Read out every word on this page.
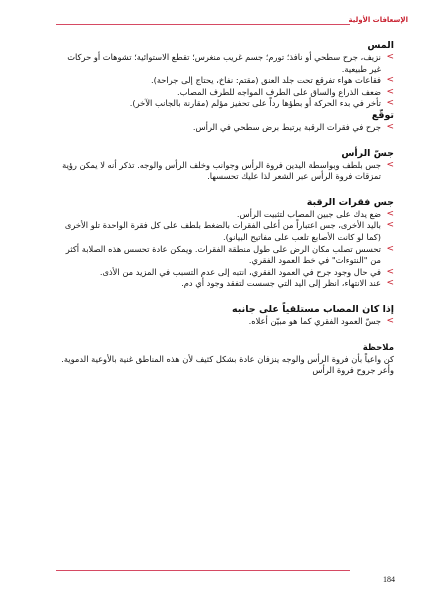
الإسعافات الأولية

المس

>
نزيف، جرح سطحي أو نافذ؛ تورم؛ جسم غريب منغرس؛ تقطع الاستوائية؛ تشوهات أو حركات غير طبيعية.
>
فقاعات هواء تفرقع تحت جلد العنق (مقتم: نفاخ، يحتاج إلى جراحة).
>
ضعف الذراع والساق على الطرف المواجه للطرف المصاب.
>
تأخر في بدء الحركة أو بطؤها رداً على تحفيز مؤلم (مقارنة بالجانب الآخر).

توقّع

>
جرح في فقرات الرقبة يرتبط برض سطحي في الرأس.

جسّ الرأس

>
جس بلطف وبواسطة اليدين فروة الرأس وجوانب وخلف الرأس والوجه. تذكر أنه لا يمكن رؤية تمزقات فروة الرأس عبر الشعر لذا عليك تحسسها.

جس فقرات الرقبة

>
ضع يدك على جبين المصاب لتثبيت الرأس.
>
باليد الأخرى، جس اعتباراً من أعلى الفقرات بالضغط بلطف على كل فقرة الواحدة تلو الأخرى (كما لو كانت الأصابع تلعب على مفاتيح البيانو).
>
تحسس تصلب مكان الرض على طول منطقة الفقرات. ويمكن عادة تحسس هذه الصلابة أكثر من "النتوءات" في خط العمود الفقري.
>
في حال وجود جرح في العمود الفقري، انتبه إلى عدم التسبب في المزيد من الأذى.
>
عند الانتهاء، انظر إلى اليد التي جسست لتفقد وجود أي دم.

إذا كان المصاب مستلقياً على جانبه

>
جسّ العمود الفقري كما هو مبيّن أعلاه.

ملاحظة

كن واعياً بأن فروة الرأس والوجه ينزفان عادة بشكل كثيف لأن هذه المناطق غنية بالأوعية الدموية. وأعر جروح فروة الرأس

184
